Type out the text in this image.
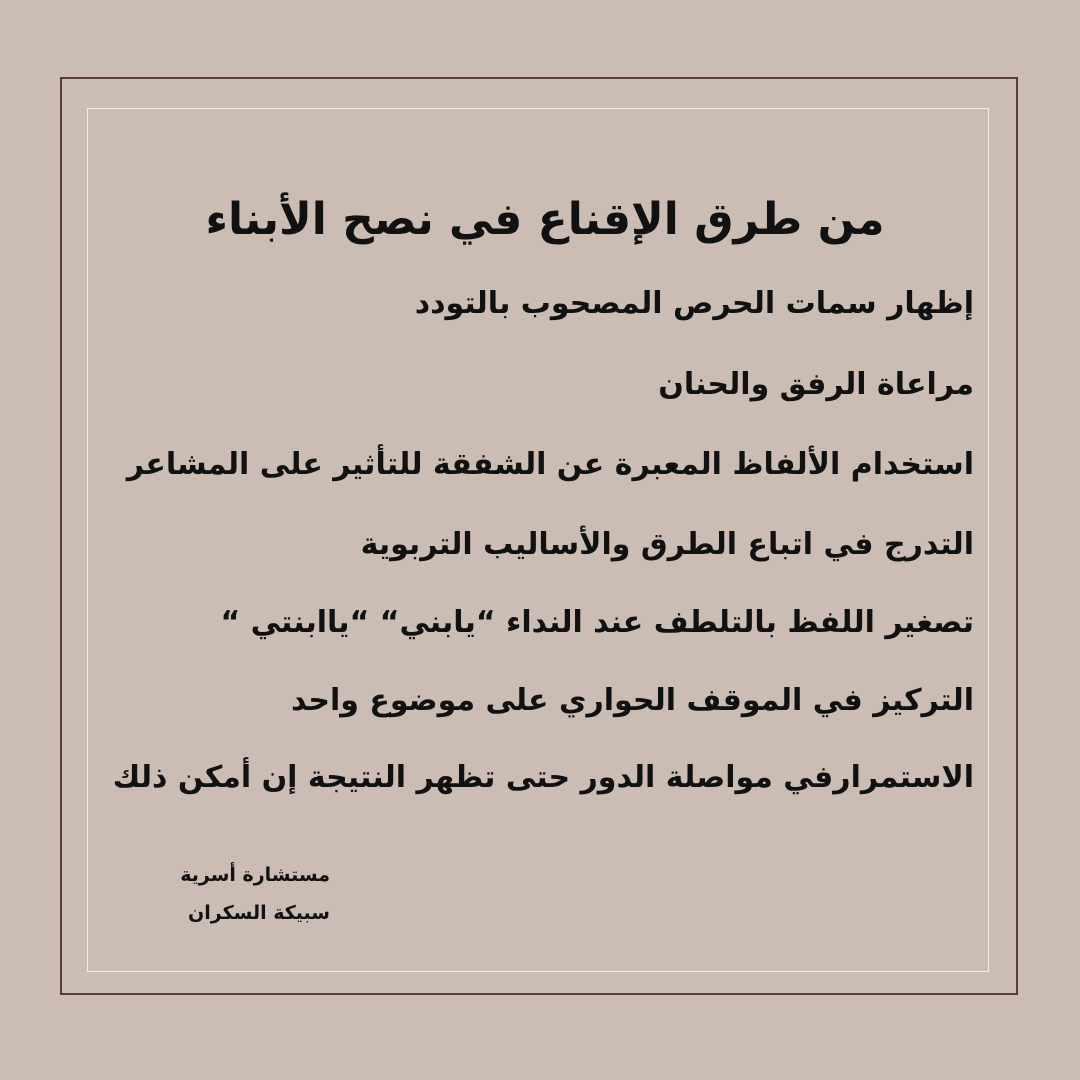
من طرق الإقناع في نصح الأبناء
إظهار سمات الحرص المصحوب بالتودد
مراعاة الرفق والحنان
استخدام الألفاظ المعبرة عن الشفقة للتأثير على المشاعر
التدرج في اتباع الطرق والأساليب التربوية
تصغير اللفظ بالتلطف عند النداء “يابني“ “ياابنتي “
التركيز في الموقف الحواري على موضوع واحد
الاستمرارفي مواصلة الدور حتى تظهر النتيجة إن أمكن ذلك
مستشارة أسرية
سبيكة السكران
